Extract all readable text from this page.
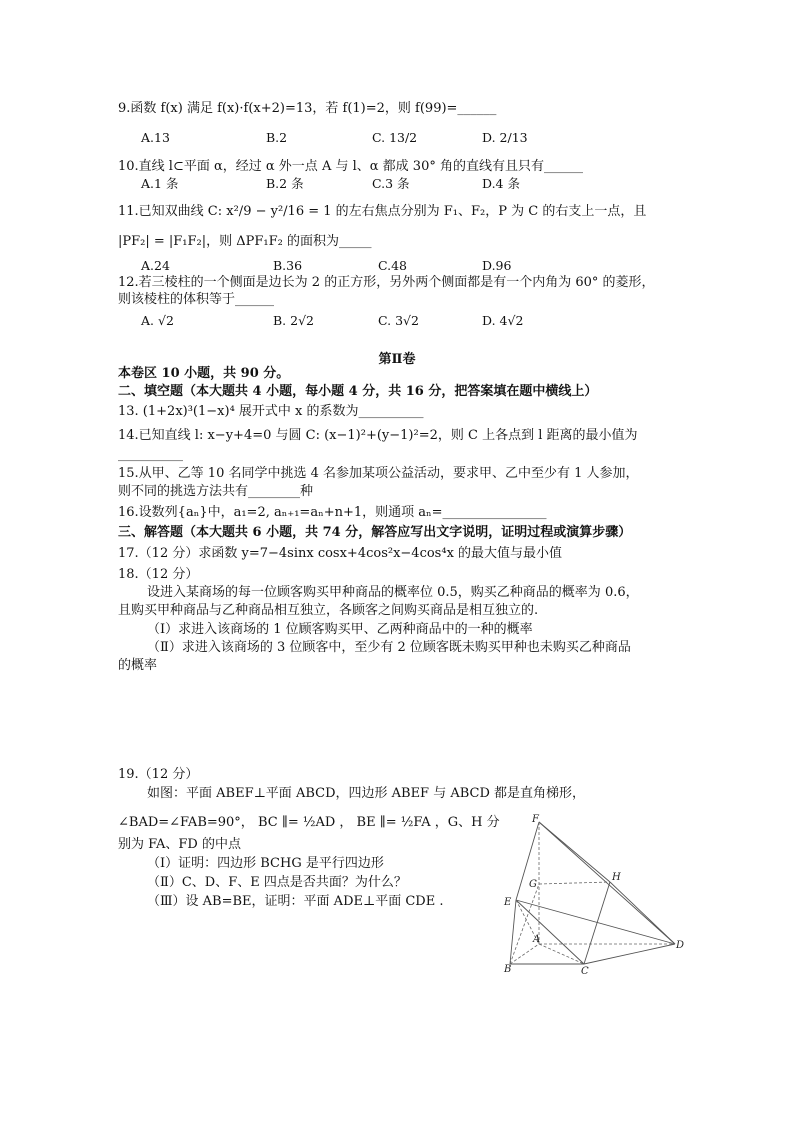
9.函数 f(x) 满足 f(x)·f(x+2)=13，若 f(1)=2，则 f(99)=______
A.13	B.2	C. 13/2	D. 2/13
10.直线 l⊂平面 α，经过 α 外一点 A 与 l、α 都成 30° 角的直线有且只有______
A.1 条	B.2 条	C.3 条	D.4 条
11.已知双曲线 C: x²/9 − y²/16 = 1 的左右焦点分别为 F₁、F₂，P 为 C 的右支上一点，且
|PF₂| = |F₁F₂|，则 ΔPF₁F₂ 的面积为_____
A.24	B.36	C.48	D.96
12.若三棱柱的一个侧面是边长为 2 的正方形，另外两个侧面都是有一个内角为 60° 的菱形，
则该棱柱的体积等于______
A. √2	B. 2√2	C. 3√2	D. 4√2
第Ⅱ卷
本卷区 10 小题，共 90 分。
二、填空题（本大题共 4 小题，每小题 4 分，共 16 分，把答案填在题中横线上）
13. (1+2x)³(1−x)⁴ 展开式中 x 的系数为__________
14.已知直线 l: x−y+4=0 与圆 C: (x−1)²+(y−1)²=2，则 C 上各点到 l 距离的最小值为
__________
15.从甲、乙等 10 名同学中挑选 4 名参加某项公益活动，要求甲、乙中至少有 1 人参加，
则不同的挑选方法共有________种
16.设数列{aₙ}中，a₁=2, aₙ₊₁=aₙ+n+1，则通项 aₙ=________________
三、解答题（本大题共 6 小题，共 74 分，解答应写出文字说明，证明过程或演算步骤）
17.（12 分）求函数 y=7−4sinx cosx+4cos²x−4cos⁴x 的最大值与最小值
18.（12 分）
设进入某商场的每一位顾客购买甲种商品的概率位 0.5，购买乙种商品的概率为 0.6，
且购买甲种商品与乙种商品相互独立，各顾客之间购买商品是相互独立的.
（Ⅰ）求进入该商场的 1 位顾客购买甲、乙两种商品中的一种的概率
（Ⅱ）求进入该商场的 3 位顾客中，至少有 2 位顾客既未购买甲种也未购买乙种商品
的概率
19.（12 分）
如图：平面 ABEF⊥平面 ABCD，四边形 ABEF 与 ABCD 都是直角梯形，
∠BAD=∠FAB=90°， BC ∥= ½AD ， BE ∥= ½FA ，G、H 分
别为 FA、FD 的中点
（Ⅰ）证明：四边形 BCHG 是平行四边形
（Ⅱ）C、D、F、E 四点是否共面？为什么？
（Ⅲ）设 AB=BE，证明：平面 ADE⊥平面 CDE .
F
G
H
E
A
D
B	C
